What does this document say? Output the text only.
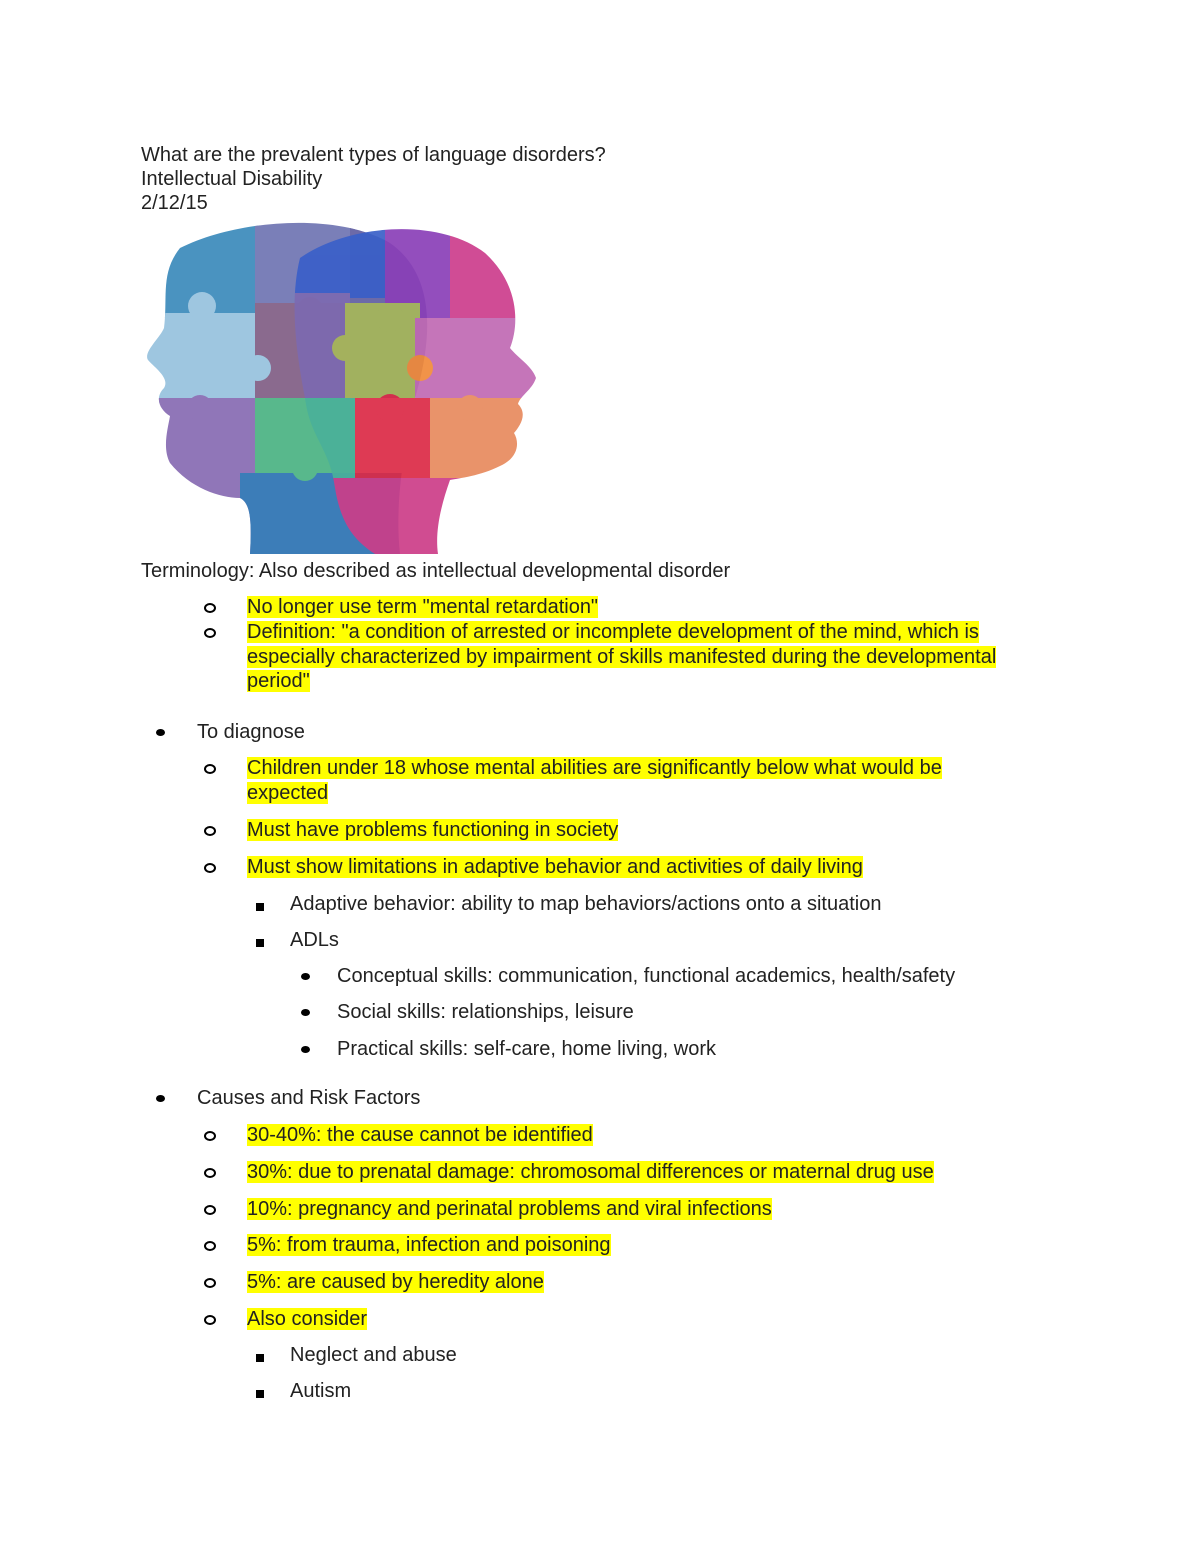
What are the prevalent types of language disorders?
Intellectual Disability
2/12/15
Terminology: Also described as intellectual developmental disorder
No longer use term "mental retardation"
Definition: "a condition of arrested or incomplete development of the mind, which is
especially characterized by impairment of skills manifested during the developmental
period"
To diagnose
Children under 18 whose mental abilities are significantly below what would be
expected
Must have problems functioning in society
Must show limitations in adaptive behavior and activities of daily living
Adaptive behavior: ability to map behaviors/actions onto a situation
ADLs
Conceptual skills: communication, functional academics, health/safety
Social skills: relationships, leisure
Practical skills: self-care, home living, work
Causes and Risk Factors
30-40%: the cause cannot be identified
30%: due to prenatal damage: chromosomal differences or maternal drug use
10%: pregnancy and perinatal problems and viral infections
5%: from trauma, infection and poisoning
5%: are caused by heredity alone
Also consider
Neglect and abuse
Autism
